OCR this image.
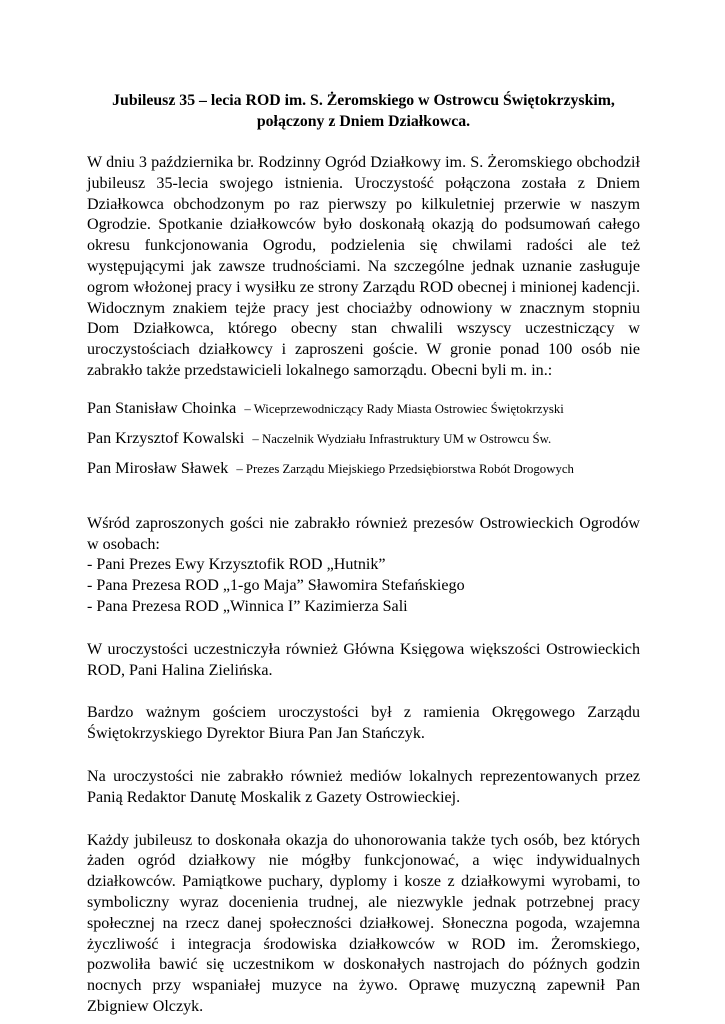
Jubileusz 35 – lecia ROD im. S. Żeromskiego w Ostrowcu Świętokrzyskim,
połączony z Dniem Działkowca.

W dniu 3 października br. Rodzinny Ogród Działkowy im. S. Żeromskiego obchodził jubileusz 35-lecia swojego istnienia. Uroczystość połączona została z Dniem Działkowca obchodzonym po raz pierwszy po kilkuletniej przerwie w naszym Ogrodzie. Spotkanie działkowców było doskonałą okazją do podsumowań całego okresu funkcjonowania Ogrodu, podzielenia się chwilami radości ale też występującymi jak zawsze trudnościami. Na szczególne jednak uznanie zasługuje ogrom włożonej pracy i wysiłku ze strony Zarządu ROD obecnej i minionej kadencji. Widocznym znakiem tejże pracy jest chociażby odnowiony w znacznym stopniu Dom Działkowca, którego obecny stan chwalili wszyscy uczestniczący w uroczystościach działkowcy i zaproszeni goście. W gronie ponad 100 osób nie zabrakło także przedstawicieli lokalnego samorządu. Obecni byli m. in.:

Pan Stanisław Choinka – Wiceprzewodniczący Rady Miasta Ostrowiec Świętokrzyski

Pan Krzysztof Kowalski – Naczelnik Wydziału Infrastruktury UM w Ostrowcu Św.

Pan Mirosław Sławek – Prezes Zarządu Miejskiego Przedsiębiorstwa Robót Drogowych

Wśród zaproszonych gości nie zabrakło również prezesów Ostrowieckich Ogrodów w osobach:

- Pani Prezes Ewy Krzysztofik ROD „Hutnik”
- Pana Prezesa ROD „1-go Maja” Sławomira Stefańskiego
- Pana Prezesa ROD „Winnica I” Kazimierza Sali

W uroczystości uczestniczyła również Główna Księgowa większości Ostrowieckich ROD, Pani Halina Zielińska.

Bardzo ważnym gościem uroczystości był z ramienia Okręgowego Zarządu Świętokrzyskiego Dyrektor Biura Pan Jan Stańczyk.

Na uroczystości nie zabrakło również mediów lokalnych reprezentowanych przez Panią Redaktor Danutę Moskalik z Gazety Ostrowieckiej.

Każdy jubileusz to doskonała okazja do uhonorowania także tych osób, bez których żaden ogród działkowy nie mógłby funkcjonować, a więc indywidualnych działkowców. Pamiątkowe puchary, dyplomy i kosze z działkowymi wyrobami, to symboliczny wyraz docenienia trudnej, ale niezwykle jednak potrzebnej pracy społecznej na rzecz danej społeczności działkowej. Słoneczna pogoda, wzajemna życzliwość i integracja środowiska działkowców w ROD im. Żeromskiego, pozwoliła bawić się uczestnikom w doskonałych nastrojach do późnych godzin nocnych przy wspaniałej muzyce na żywo. Oprawę muzyczną zapewnił Pan Zbigniew Olczyk.
